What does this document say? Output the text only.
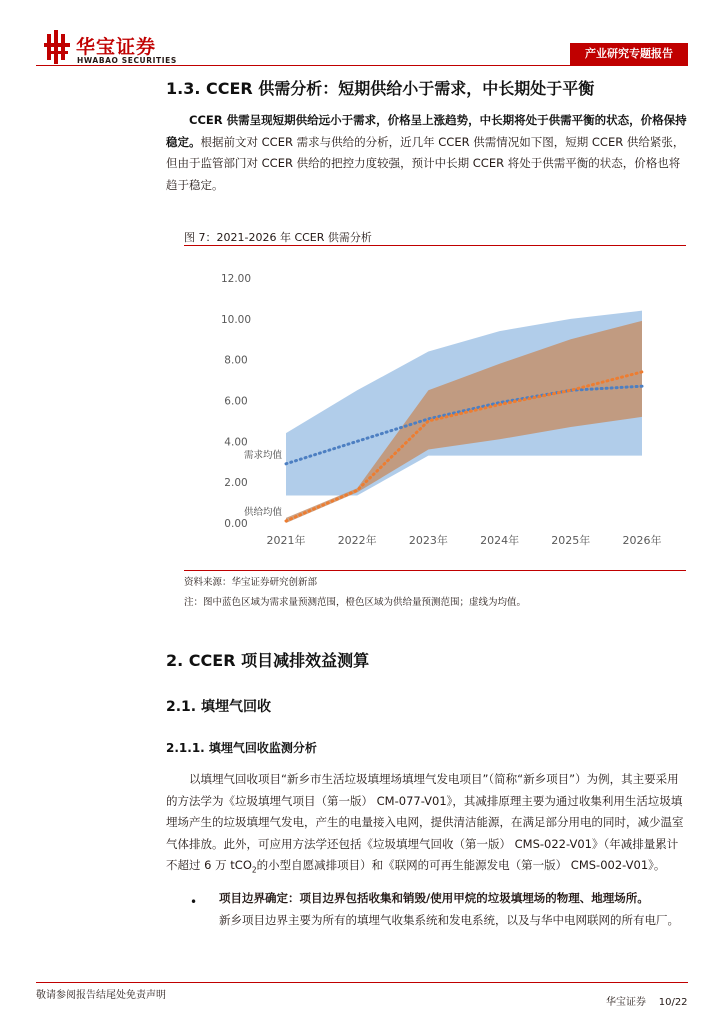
华宝证券
HWABAO SECURITIES
产业研究专题报告
1.3. CCER 供需分析：短期供给小于需求，中长期处于平衡
CCER 供需呈现短期供给远小于需求，价格呈上涨趋势，中长期将处于供需平衡的状态，价格保持稳定。根据前文对 CCER 需求与供给的分析，近几年 CCER 供需情况如下图，短期 CCER 供给紧张，但由于监管部门对 CCER 供给的把控力度较强，预计中长期 CCER 将处于供需平衡的状态，价格也将趋于稳定。
图 7：2021-2026 年 CCER 供需分析
0.00
2.00
4.00
6.00
8.00
10.00
12.00
2021年	2022年	2023年	2024年	2025年	2026年
需求均值
供给均值
资料来源：华宝证券研究创新部
注：图中蓝色区域为需求量预测范围，橙色区域为供给量预测范围；虚线为均值。
2. CCER 项目减排效益测算
2.1. 填埋气回收
2.1.1. 填埋气回收监测分析
以填埋气回收项目“新乡市生活垃圾填埋场填埋气发电项目”（简称“新乡项目”）为例，其主要采用的方法学为《垃圾填埋气项目（第一版） CM-077-V01》，其减排原理主要为通过收集利用生活垃圾填埋场产生的垃圾填埋气发电，产生的电量接入电网，提供清洁能源，在满足部分用电的同时，减少温室气体排放。此外，可应用方法学还包括《垃圾填埋气回收（第一版） CMS-022-V01》（年减排量累计不超过 6 万 tCO$_2$的小型自愿减排项目）和《联网的可再生能源发电（第一版） CMS-002-V01》。
• 项目边界确定：项目边界包括收集和销毁/使用甲烷的垃圾填埋场的物理、地理场所。
新乡项目边界主要为所有的填埋气收集系统和发电系统，以及与华中电网联网的所有电厂。
敬请参阅报告结尾处免责声明
华宝证券 10/22
